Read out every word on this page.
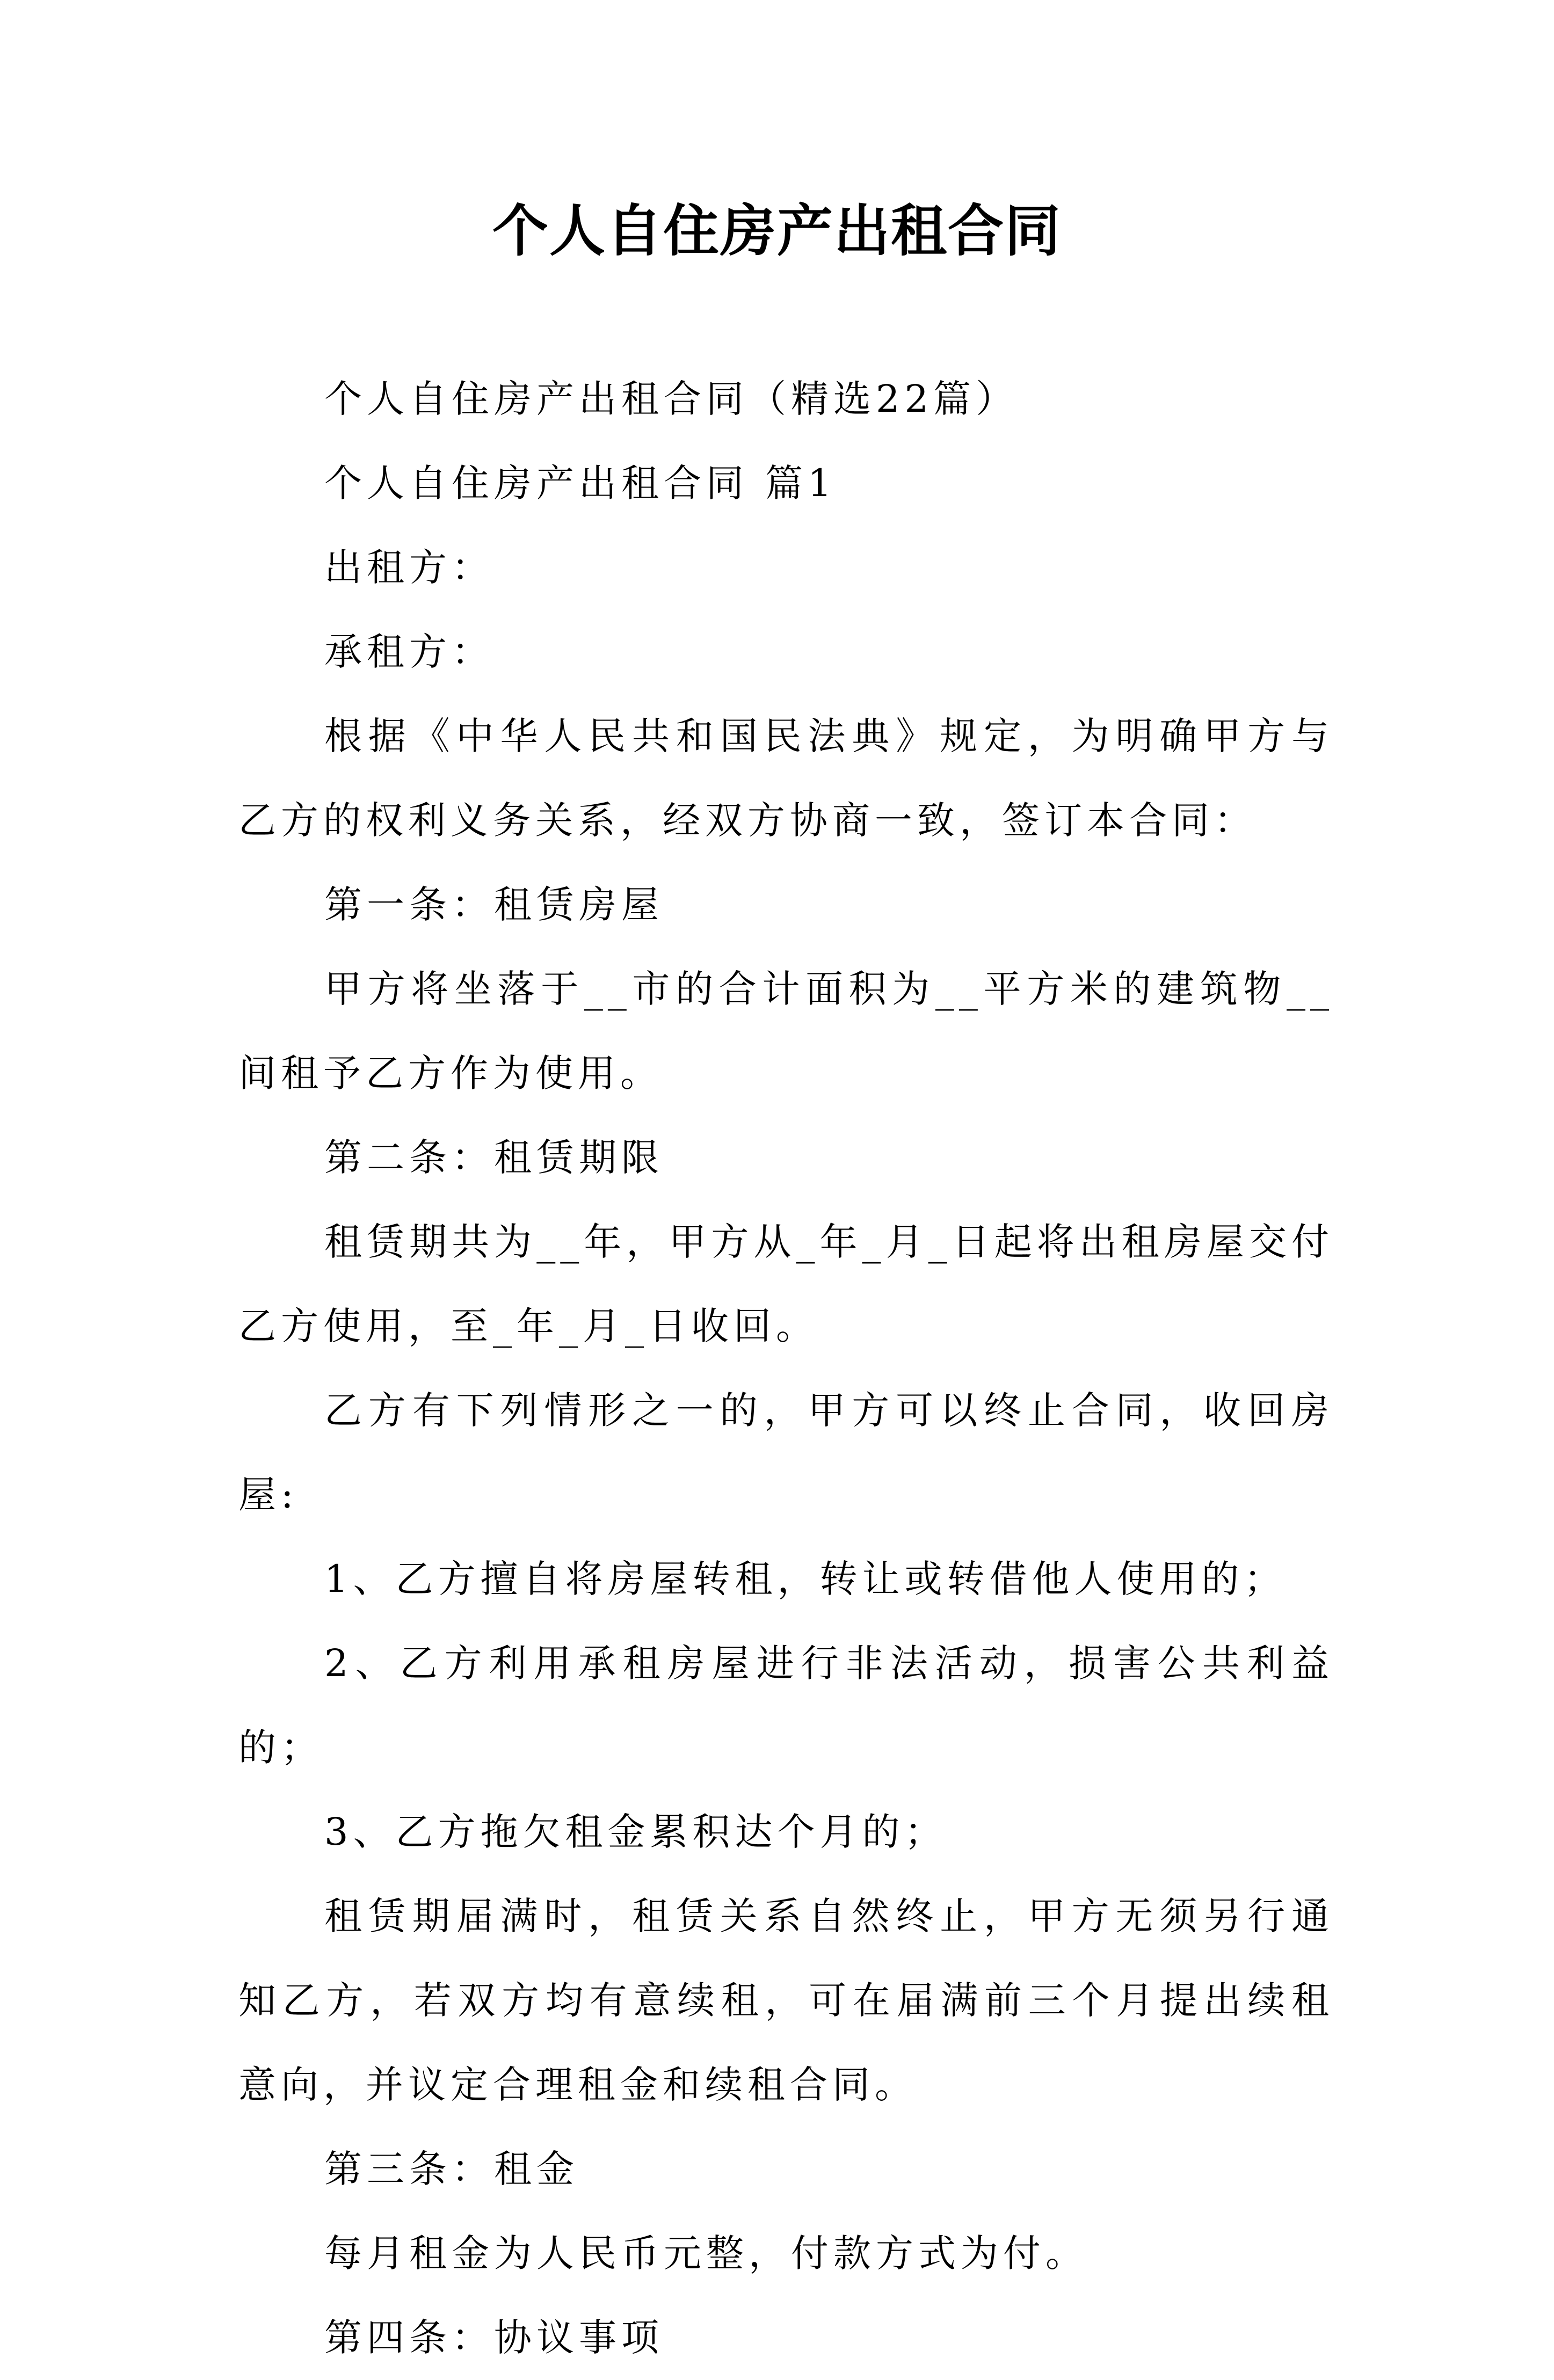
个人自住房产出租合同

个人自住房产出租合同（精选22篇）

个人自住房产出租合同 篇1

出租方：

承租方：

根据《中华人民共和国民法典》规定，为明确甲方与乙方的权利义务关系，经双方协商一致，签订本合同：

第一条：租赁房屋

甲方将坐落于__市的合计面积为__平方米的建筑物__间租予乙方作为使用。

第二条：租赁期限

租赁期共为__年，甲方从_年_月_日起将出租房屋交付乙方使用，至_年_月_日收回。

乙方有下列情形之一的，甲方可以终止合同，收回房屋:

1、乙方擅自将房屋转租，转让或转借他人使用的；

2、乙方利用承租房屋进行非法活动，损害公共利益的；

3、乙方拖欠租金累积达个月的；

租赁期届满时，租赁关系自然终止，甲方无须另行通知乙方，若双方均有意续租，可在届满前三个月提出续租意向，并议定合理租金和续租合同。

第三条：租金

每月租金为人民币元整，付款方式为付。

第四条：协议事项
